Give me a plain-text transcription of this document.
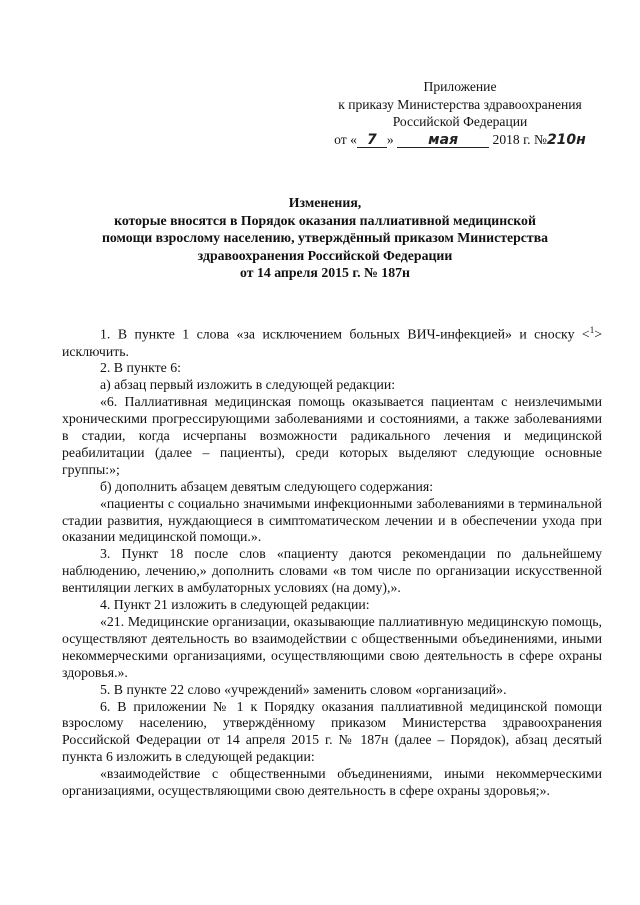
Приложение
к приказу Министерства здравоохранения
Российской Федерации
от « 7 » мая	2018 г. №210н
Изменения,
которые вносятся в Порядок оказания паллиативной медицинской
помощи взрослому населению, утверждённый приказом Министерства
здравоохранения Российской Федерации
от 14 апреля 2015 г. № 187н

1. В пункте 1 слова «за исключением больных ВИЧ-инфекцией» и сноску <$^1$> исключить.

2. В пункте 6:

а) абзац первый изложить в следующей редакции:

«6. Паллиативная медицинская помощь оказывается пациентам с неизлечимыми хроническими прогрессирующими заболеваниями и состояниями, а также заболеваниями в стадии, когда исчерпаны возможности радикального лечения и медицинской реабилитации (далее – пациенты), среди которых выделяют следующие основные группы:»;

б) дополнить абзацем девятым следующего содержания:

«пациенты с социально значимыми инфекционными заболеваниями в терминальной стадии развития, нуждающиеся в симптоматическом лечении и в обеспечении ухода при оказании медицинской помощи.».

3. Пункт 18 после слов «пациенту даются рекомендации по дальнейшему наблюдению, лечению,» дополнить словами «в том числе по организации искусственной вентиляции легких в амбулаторных условиях (на дому),».

4. Пункт 21 изложить в следующей редакции:

«21. Медицинские организации, оказывающие паллиативную медицинскую помощь, осуществляют деятельность во взаимодействии с общественными объединениями, иными некоммерческими организациями, осуществляющими свою деятельность в сфере охраны здоровья.».

5. В пункте 22 слово «учреждений» заменить словом «организаций».

6. В приложении № 1 к Порядку оказания паллиативной медицинской помощи взрослому населению, утверждённому приказом Министерства здравоохранения Российской Федерации от 14 апреля 2015 г. № 187н (далее – Порядок), абзац десятый пункта 6 изложить в следующей редакции:

«взаимодействие с общественными объединениями, иными некоммерческими организациями, осуществляющими свою деятельность в сфере охраны здоровья;».
